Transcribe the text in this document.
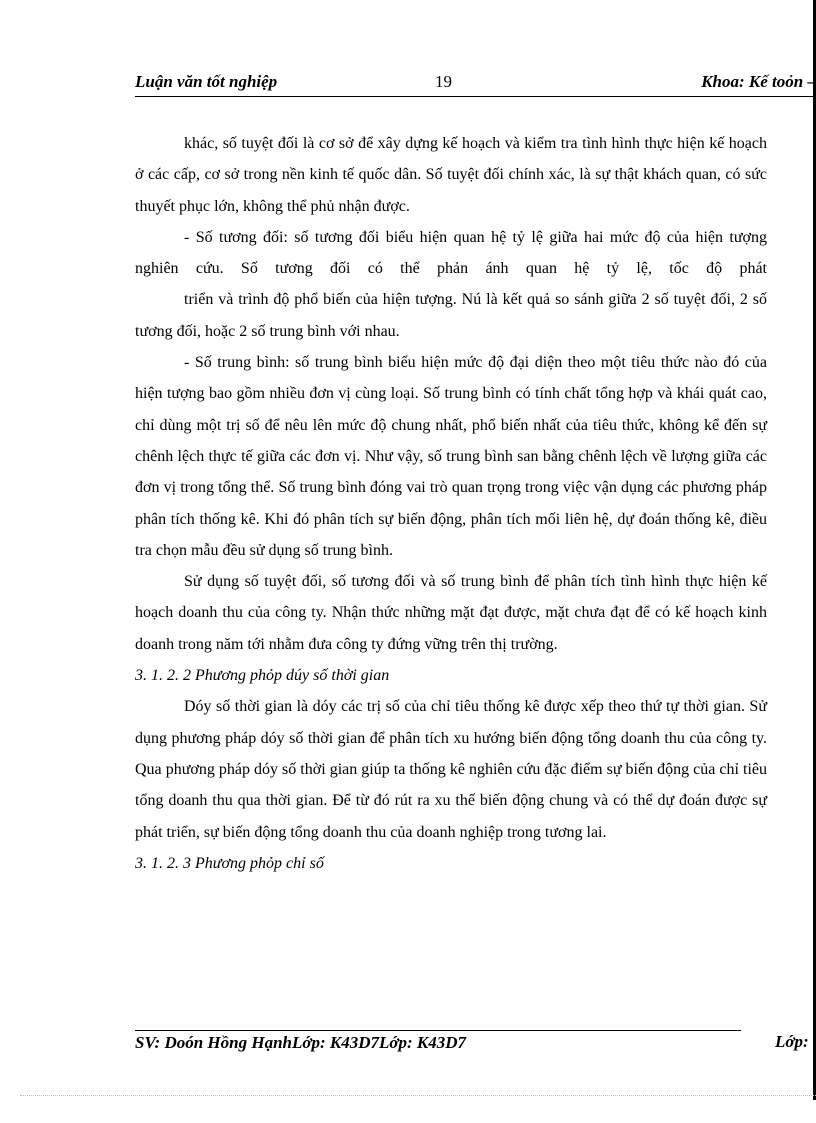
Luận văn tốt nghiệp	19	Khoa: Kế toỏn –

khác, số tuyệt đối là cơ sở để xây dựng kế hoạch và kiểm tra tình hình thực hiện kế hoạch ở các cấp, cơ sở trong nền kinh tế quốc dân. Số tuyệt đối chính xác, là sự thật khách quan, có sức thuyết phục lớn, không thể phủ nhận được.

- Số tương đối: số tương đối biểu hiện quan hệ tỷ lệ giữa hai mức độ của hiện tượng nghiên cứu. Số tương đối có thể phản ánh quan hệ tỷ lệ, tốc độ phát

triển và trình độ phổ biến của hiện tượng. Nú là kết quả so sánh giữa 2 số tuyệt đối, 2 số tương đối, hoặc 2 số trung bình với nhau.

- Số trung bình: số trung bình biểu hiện mức độ đại diện theo một tiêu thức nào đó của hiện tượng bao gồm nhiều đơn vị cùng loại. Số trung bình có tính chất tổng hợp và khái quát cao, chỉ dùng một trị số để nêu lên mức độ chung nhất, phổ biến nhất của tiêu thức, không kể đến sự chênh lệch thực tế giữa các đơn vị. Như vậy, số trung bình san bằng chênh lệch về lượng giữa các đơn vị trong tổng thể. Số trung bình đóng vai trò quan trọng trong việc vận dụng các phương pháp phân tích thống kê. Khi đó phân tích sự biến động, phân tích mối liên hệ, dự đoán thống kê, điều tra chọn mẫu đều sử dụng số trung bình.

Sử dụng số tuyệt đối, số tương đối và số trung bình để phân tích tình hình thực hiện kế hoạch doanh thu của công ty. Nhận thức những mặt đạt được, mặt chưa đạt để có kế hoạch kinh doanh trong năm tới nhằm đưa công ty đứng vững trên thị trường.

3. 1. 2. 2 Phương phỏp dúy số thời gian

Dóy số thời gian là dóy các trị số của chỉ tiêu thống kê được xếp theo thứ tự thời gian. Sử dụng phương pháp dóy số thời gian để phân tích xu hướng biến động tổng doanh thu của công ty. Qua phương pháp dóy số thời gian giúp ta thống kê nghiên cứu đặc điểm sự biến động của chỉ tiêu tổng doanh thu qua thời gian. Để từ đó rút ra xu thế biến động chung và có thể dự đoán được sự phát triển, sự biến động tổng doanh thu của doanh nghiệp trong tương lai.

3. 1. 2. 3 Phương phỏp chỉ số

SV: Doón Hồng HạnhLớp: K43D7Lớp: K43D7	Lớp:
